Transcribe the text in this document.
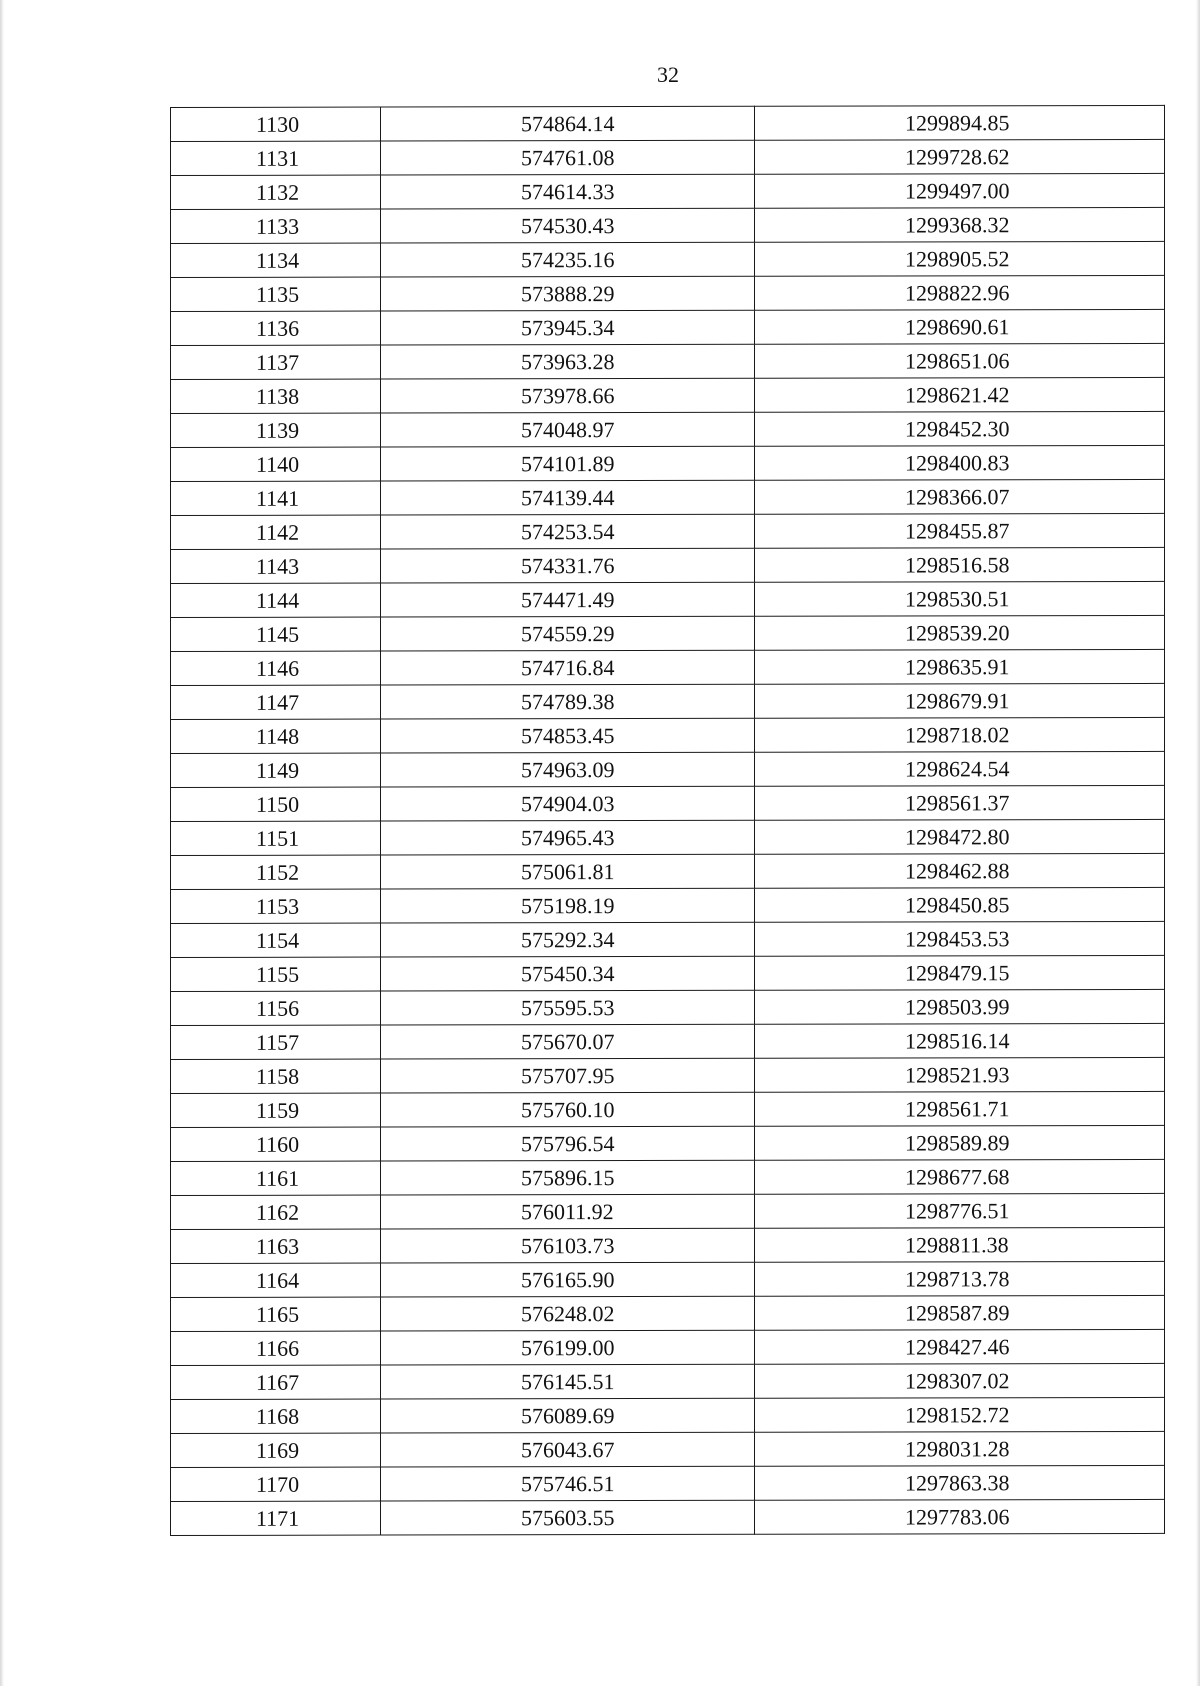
32
1130	574864.14	1299894.85
1131	574761.08	1299728.62
1132	574614.33	1299497.00
1133	574530.43	1299368.32
1134	574235.16	1298905.52
1135	573888.29	1298822.96
1136	573945.34	1298690.61
1137	573963.28	1298651.06
1138	573978.66	1298621.42
1139	574048.97	1298452.30
1140	574101.89	1298400.83
1141	574139.44	1298366.07
1142	574253.54	1298455.87
1143	574331.76	1298516.58
1144	574471.49	1298530.51
1145	574559.29	1298539.20
1146	574716.84	1298635.91
1147	574789.38	1298679.91
1148	574853.45	1298718.02
1149	574963.09	1298624.54
1150	574904.03	1298561.37
1151	574965.43	1298472.80
1152	575061.81	1298462.88
1153	575198.19	1298450.85
1154	575292.34	1298453.53
1155	575450.34	1298479.15
1156	575595.53	1298503.99
1157	575670.07	1298516.14
1158	575707.95	1298521.93
1159	575760.10	1298561.71
1160	575796.54	1298589.89
1161	575896.15	1298677.68
1162	576011.92	1298776.51
1163	576103.73	1298811.38
1164	576165.90	1298713.78
1165	576248.02	1298587.89
1166	576199.00	1298427.46
1167	576145.51	1298307.02
1168	576089.69	1298152.72
1169	576043.67	1298031.28
1170	575746.51	1297863.38
1171	575603.55	1297783.06
